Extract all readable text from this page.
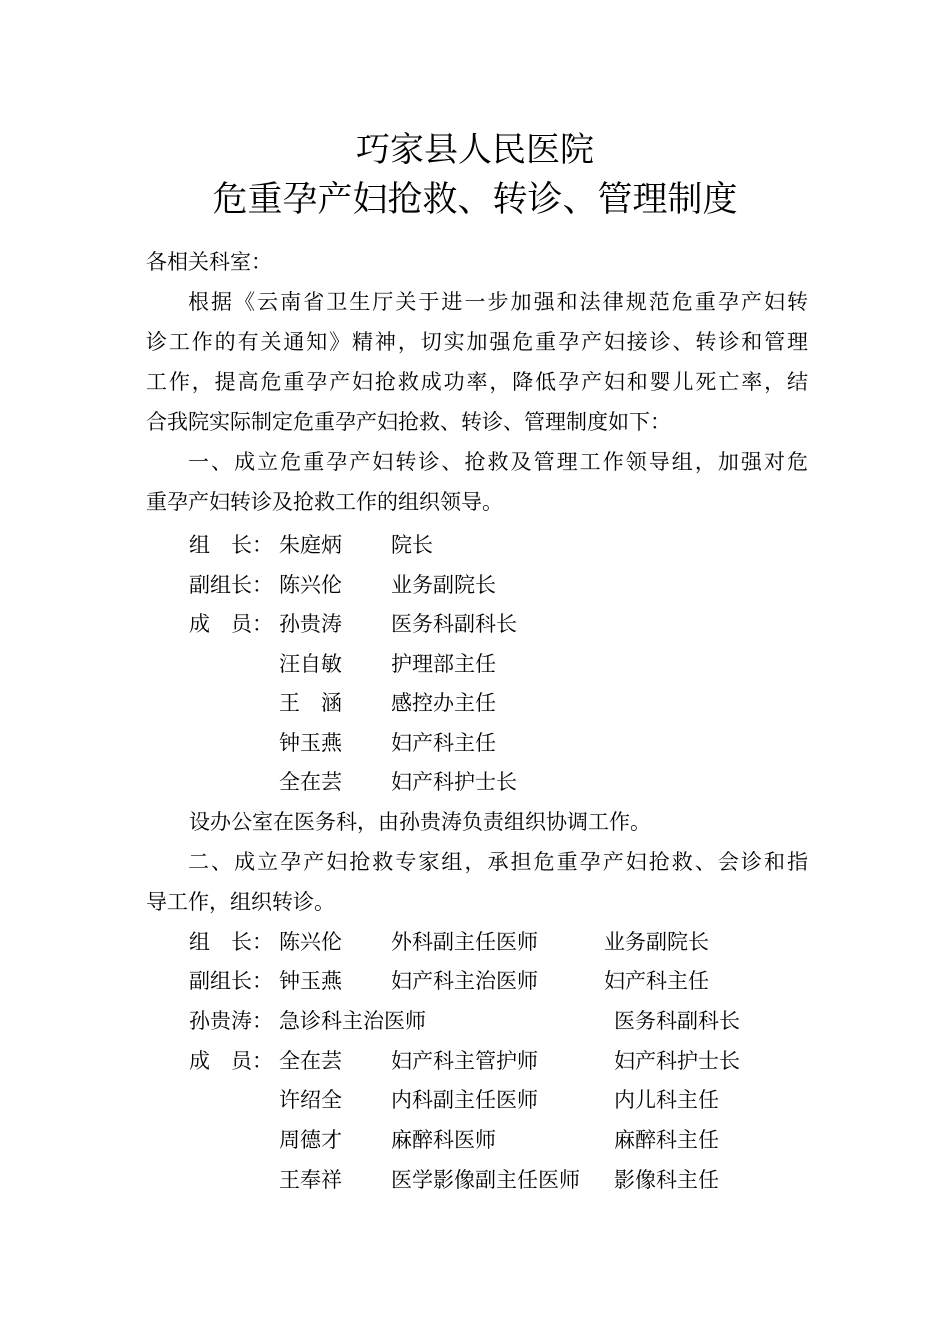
巧家县人民医院
危重孕产妇抢救、转诊、管理制度
各相关科室：
根据《云南省卫生厅关于进一步加强和法律规范危重孕产妇转
诊工作的有关通知》精神，切实加强危重孕产妇接诊、转诊和管理
工作，提高危重孕产妇抢救成功率，降低孕产妇和婴儿死亡率，结
合我院实际制定危重孕产妇抢救、转诊、管理制度如下：
一、成立危重孕产妇转诊、抢救及管理工作领导组，加强对危
重孕产妇转诊及抢救工作的组织领导。
组　长： 朱庭炳 院长
副组长： 陈兴伦 业务副院长
成　员： 孙贵涛 医务科副科长
汪自敏 护理部主任
王　涵 感控办主任
钟玉燕 妇产科主任
全在芸 妇产科护士长
设办公室在医务科，由孙贵涛负责组织协调工作。
二、成立孕产妇抢救专家组，承担危重孕产妇抢救、会诊和指
导工作，组织转诊。
组　长： 陈兴伦 外科副主任医师	业务副院长
副组长： 钟玉燕 妇产科主治医师	妇产科主任
孙贵涛： 急诊科主治医师	医务科副科长
成　员： 全在芸 妇产科主管护师	妇产科护士长
许绍全 内科副主任医师	内儿科主任
周德才 麻醉科医师	麻醉科主任
王奉祥 医学影像副主任医师 影像科主任
